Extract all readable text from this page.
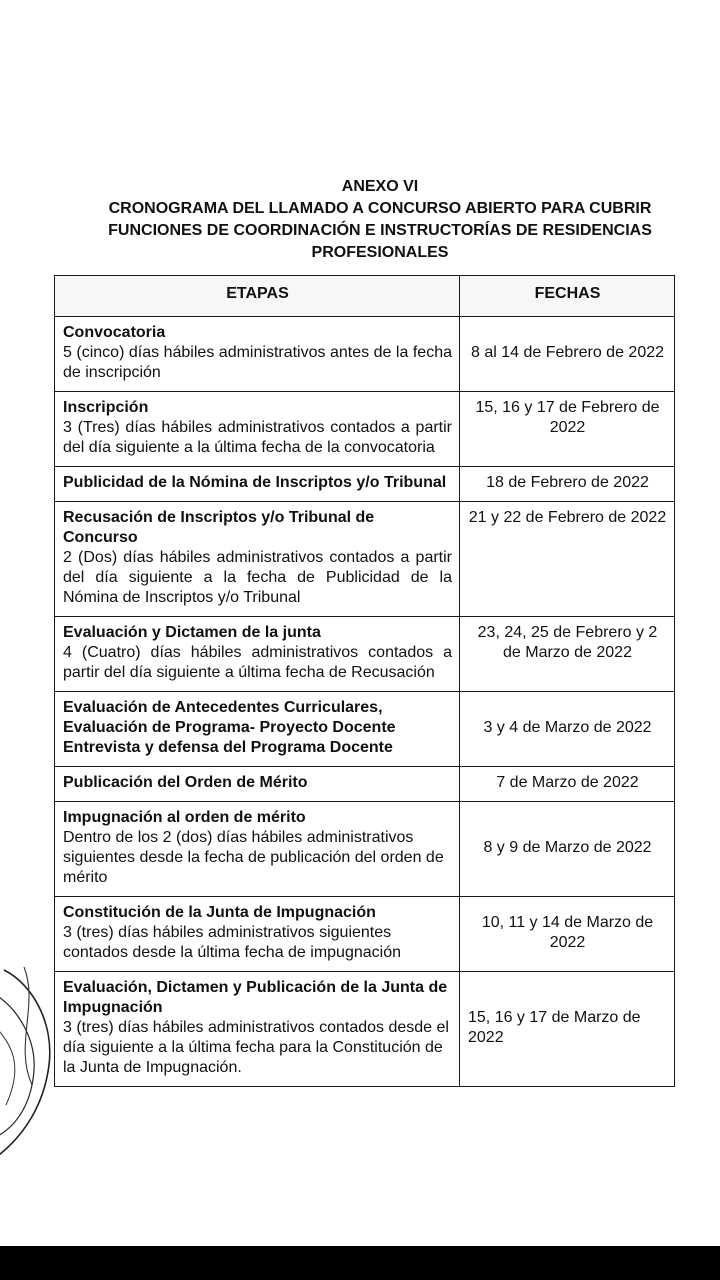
ANEXO VI
CRONOGRAMA DEL LLAMADO A CONCURSO ABIERTO PARA CUBRIR
FUNCIONES DE COORDINACIÓN E INSTRUCTORÍAS DE RESIDENCIAS
PROFESIONALES
ETAPAS	FECHAS

Convocatoria
5 (cinco) días hábiles administrativos antes de la fecha de inscripción	8 al 14 de Febrero de 2022

Inscripción
3 (Tres) días hábiles administrativos contados a partir del día siguiente a la última fecha de la convocatoria	15, 16 y 17 de Febrero de 2022

Publicidad de la Nómina de Inscriptos y/o Tribunal	18 de Febrero de 2022

Recusación de Inscriptos y/o Tribunal de Concurso
2 (Dos) días hábiles administrativos contados a partir del día siguiente a la fecha de Publicidad de la Nómina de Inscriptos y/o Tribunal	21 y 22 de Febrero de 2022

Evaluación y Dictamen de la junta
4 (Cuatro) días hábiles administrativos contados a partir del día siguiente a última fecha de Recusación	23, 24, 25 de Febrero y 2 de Marzo de 2022

Evaluación de Antecedentes Curriculares, Evaluación de Programa- Proyecto Docente Entrevista y defensa del Programa Docente	3 y 4 de Marzo de 2022

Publicación del Orden de Mérito	7 de Marzo de 2022

Impugnación al orden de mérito
Dentro de los 2 (dos) días hábiles administrativos siguientes desde la fecha de publicación del orden de mérito	8 y 9 de Marzo de 2022

Constitución de la Junta de Impugnación
3 (tres) días hábiles administrativos siguientes contados desde la última fecha de impugnación	10, 11 y 14 de Marzo de 2022

Evaluación, Dictamen y Publicación de la Junta de Impugnación
3 (tres) días hábiles administrativos contados desde el día siguiente a la última fecha para la Constitución de la Junta de Impugnación.	15, 16 y 17 de Marzo de 2022
